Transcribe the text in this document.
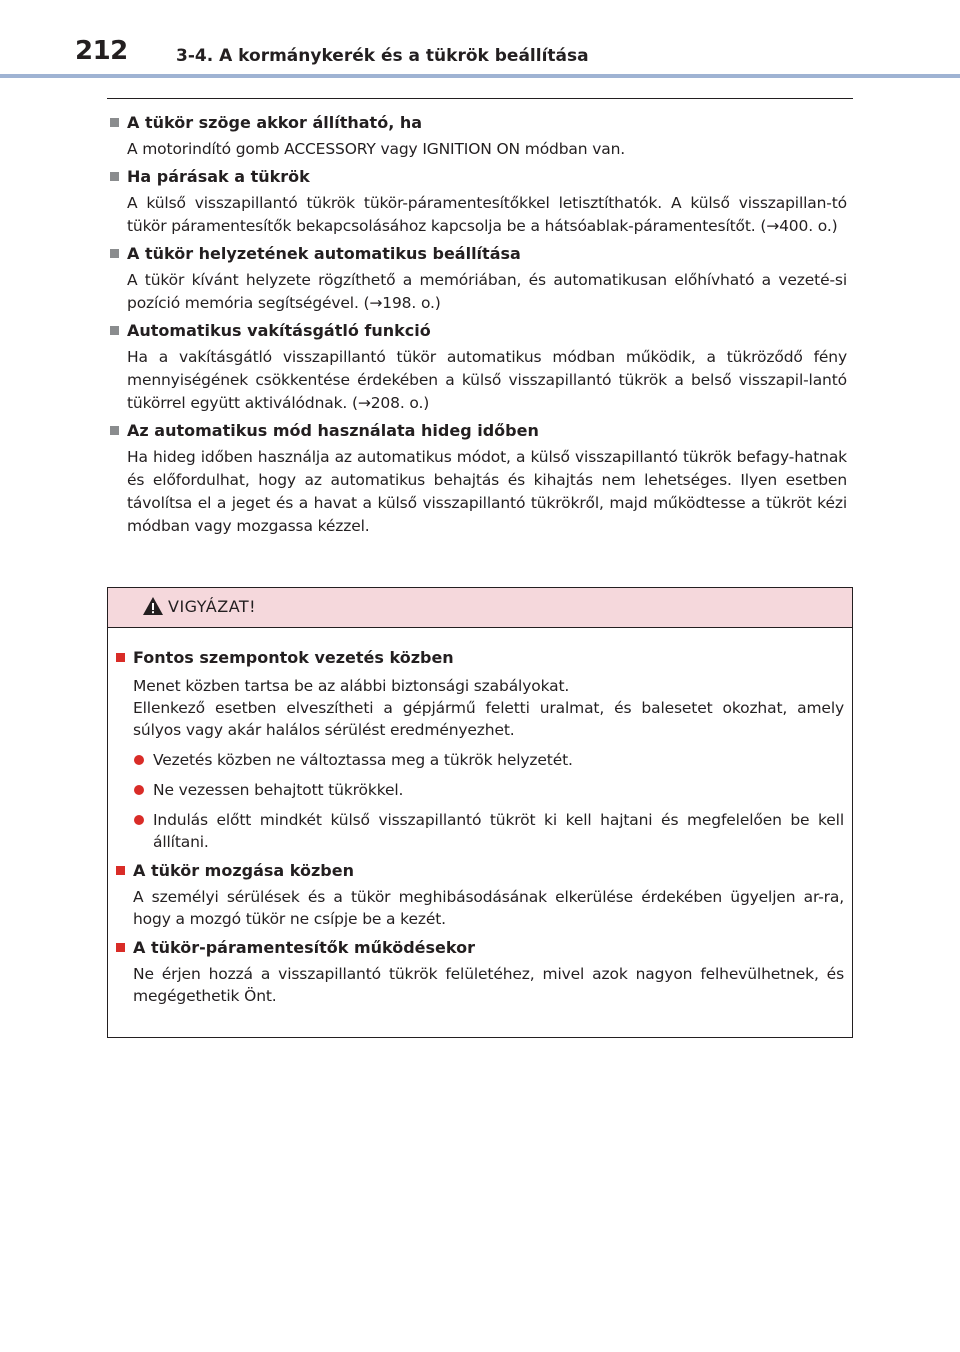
212	3-4. A kormánykerék és a tükrök beállítása
A tükör szöge akkor állítható, ha
A motorindító gomb ACCESSORY vagy IGNITION ON módban van.
Ha párásak a tükrök
A külső visszapillantó tükrök tükör-páramentesítőkkel letisztíthatók. A külső visszapillan-tó tükör páramentesítők bekapcsolásához kapcsolja be a hátsóablak-páramentesítőt. (→400. o.)
A tükör helyzetének automatikus beállítása
A tükör kívánt helyzete rögzíthető a memóriában, és automatikusan előhívható a vezeté-si pozíció memória segítségével. (→198. o.)
Automatikus vakításgátló funkció
Ha a vakításgátló visszapillantó tükör automatikus módban működik, a tükröződő fény mennyiségének csökkentése érdekében a külső visszapillantó tükrök a belső visszapil-lantó tükörrel együtt aktiválódnak. (→208. o.)
Az automatikus mód használata hideg időben
Ha hideg időben használja az automatikus módot, a külső visszapillantó tükrök befagy-hatnak és előfordulhat, hogy az automatikus behajtás és kihajtás nem lehetséges. Ilyen esetben távolítsa el a jeget és a havat a külső visszapillantó tükrökről, majd működtesse a tükröt kézi módban vagy mozgassa kézzel.
VIGYÁZAT!
Fontos szempontok vezetés közben
Menet közben tartsa be az alábbi biztonsági szabályokat.
Ellenkező esetben elveszítheti a gépjármű feletti uralmat, és balesetet okozhat, amely súlyos vagy akár halálos sérülést eredményezhet.
Vezetés közben ne változtassa meg a tükrök helyzetét.
Ne vezessen behajtott tükrökkel.
Indulás előtt mindkét külső visszapillantó tükröt ki kell hajtani és megfelelően be kell állítani.
A tükör mozgása közben
A személyi sérülések és a tükör meghibásodásának elkerülése érdekében ügyeljen ar-ra, hogy a mozgó tükör ne csípje be a kezét.
A tükör-páramentesítők működésekor
Ne érjen hozzá a visszapillantó tükrök felületéhez, mivel azok nagyon felhevülhetnek, és megégethetik Önt.
